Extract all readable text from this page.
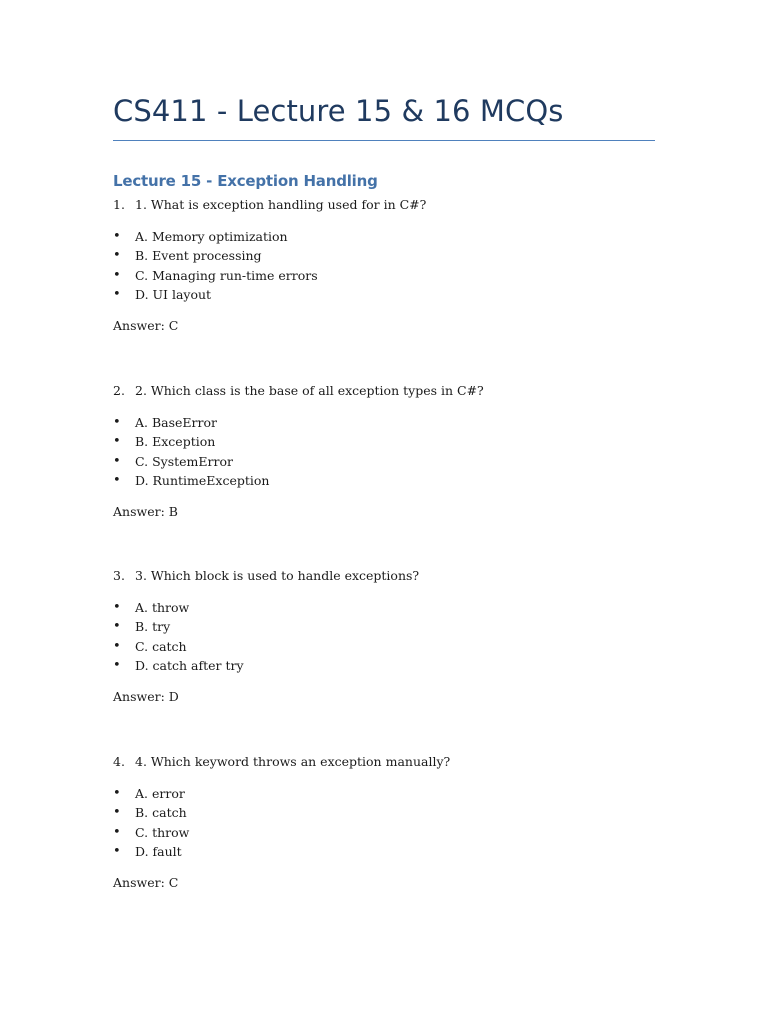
CS411 - Lecture 15 & 16 MCQs
Lecture 15 - Exception Handling
1. 1. What is exception handling used for in C#?
• A. Memory optimization
• B. Event processing
• C. Managing run-time errors
• D. UI layout
Answer: C
2. 2. Which class is the base of all exception types in C#?
• A. BaseError
• B. Exception
• C. SystemError
• D. RuntimeException
Answer: B
3. 3. Which block is used to handle exceptions?
• A. throw
• B. try
• C. catch
• D. catch after try
Answer: D
4. 4. Which keyword throws an exception manually?
• A. error
• B. catch
• C. throw
• D. fault
Answer: C
